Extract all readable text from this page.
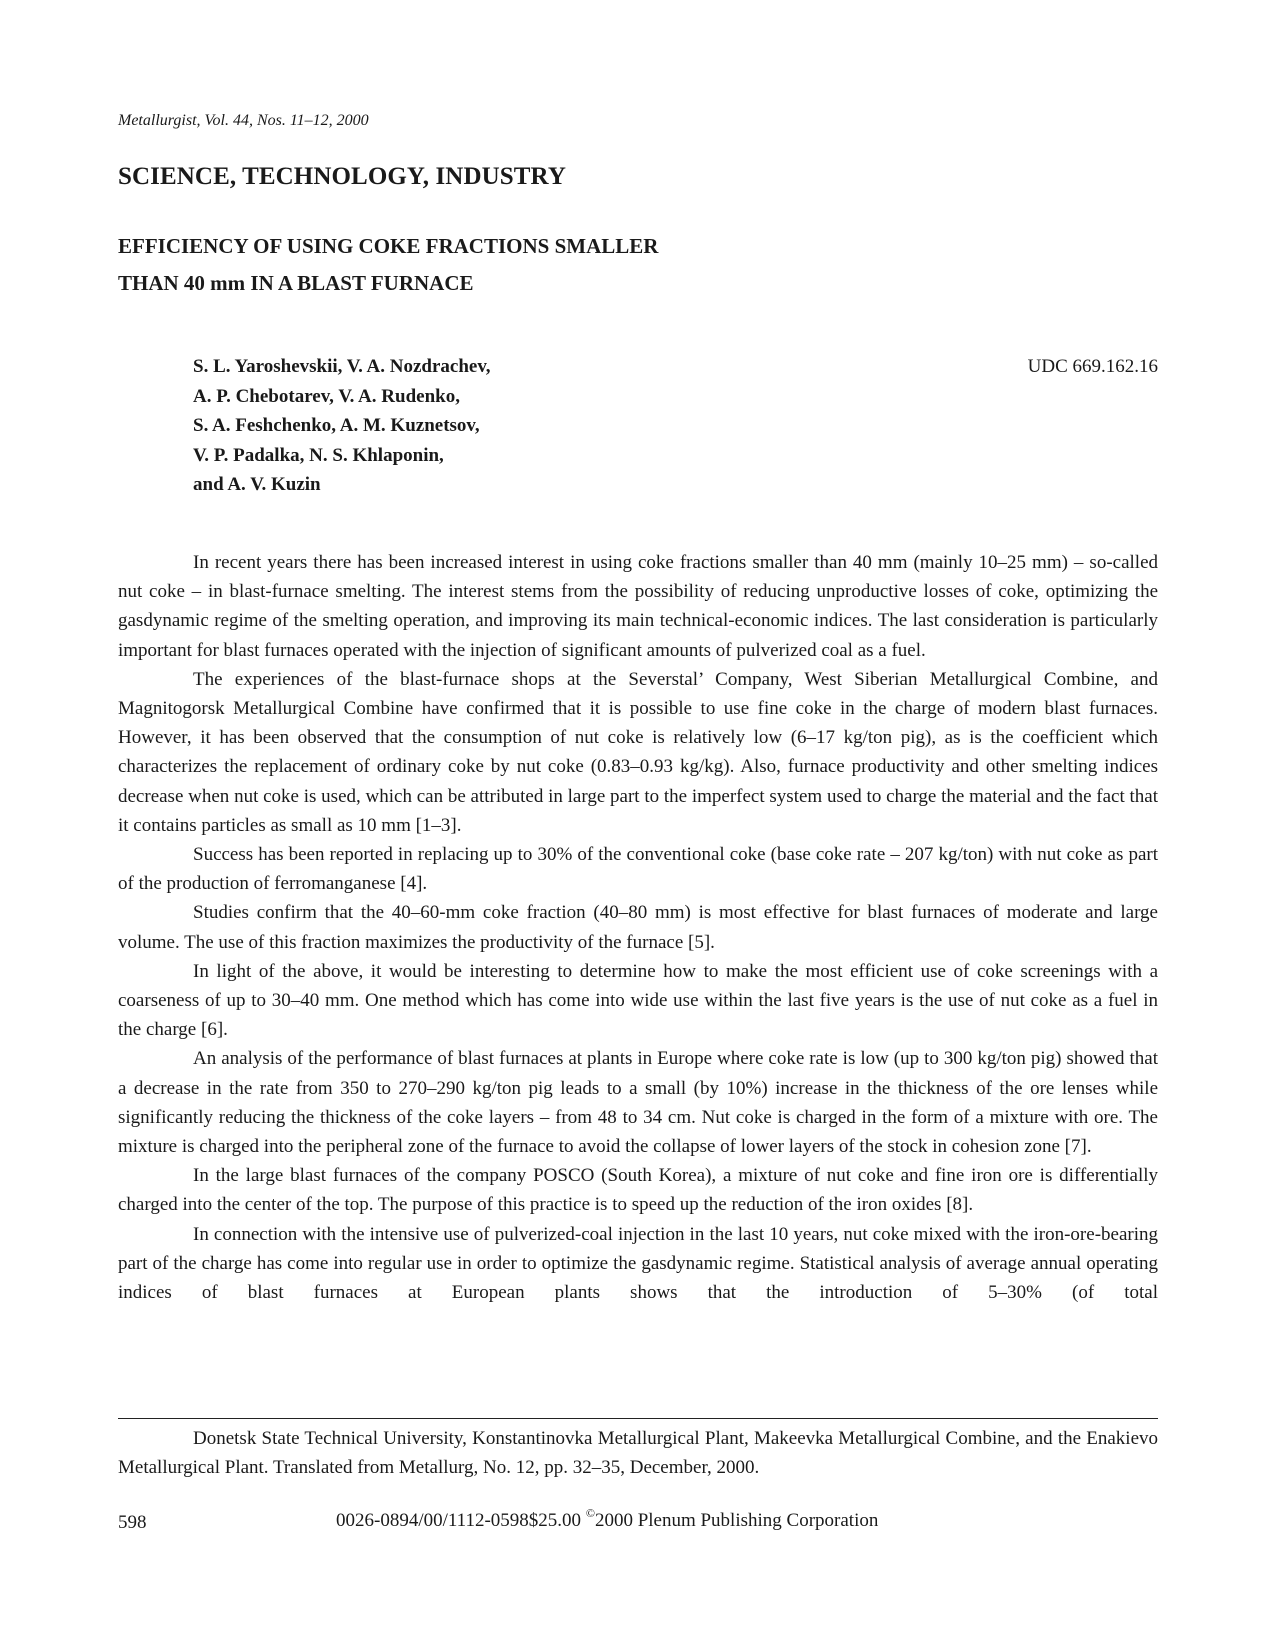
Metallurgist, Vol. 44, Nos. 11–12, 2000
SCIENCE, TECHNOLOGY, INDUSTRY
EFFICIENCY OF USING COKE FRACTIONS SMALLER
THAN 40 mm IN A BLAST FURNACE
S. L. Yaroshevskii, V. A. Nozdrachev,
A. P. Chebotarev, V. A. Rudenko,
S. A. Feshchenko, A. M. Kuznetsov,
V. P. Padalka, N. S. Khlaponin,
and A. V. Kuzin
UDC 669.162.16

In recent years there has been increased interest in using coke fractions smaller than 40 mm (mainly 10–25 mm) – so-called nut coke – in blast-furnace smelting. The interest stems from the possibility of reducing unproductive losses of coke, optimizing the gasdynamic regime of the smelting operation, and improving its main technical-economic indices. The last consideration is particularly important for blast furnaces operated with the injection of significant amounts of pulverized coal as a fuel.

The experiences of the blast-furnace shops at the Severstal’ Company, West Siberian Metallurgical Combine, and Magnitogorsk Metallurgical Combine have confirmed that it is possible to use fine coke in the charge of modern blast furnaces. However, it has been observed that the consumption of nut coke is relatively low (6–17 kg/ton pig), as is the coefficient which characterizes the replacement of ordinary coke by nut coke (0.83–0.93 kg/kg). Also, furnace productivity and other smelting indices decrease when nut coke is used, which can be attributed in large part to the imperfect system used to charge the material and the fact that it contains particles as small as 10 mm [1–3].

Success has been reported in replacing up to 30% of the conventional coke (base coke rate – 207 kg/ton) with nut coke as part of the production of ferromanganese [4].

Studies confirm that the 40–60-mm coke fraction (40–80 mm) is most effective for blast furnaces of moderate and large volume. The use of this fraction maximizes the productivity of the furnace [5].

In light of the above, it would be interesting to determine how to make the most efficient use of coke screenings with a coarseness of up to 30–40 mm. One method which has come into wide use within the last five years is the use of nut coke as a fuel in the charge [6].

An analysis of the performance of blast furnaces at plants in Europe where coke rate is low (up to 300 kg/ton pig) showed that a decrease in the rate from 350 to 270–290 kg/ton pig leads to a small (by 10%) increase in the thickness of the ore lenses while significantly reducing the thickness of the coke layers – from 48 to 34 cm. Nut coke is charged in the form of a mixture with ore. The mixture is charged into the peripheral zone of the furnace to avoid the collapse of lower layers of the stock in cohesion zone [7].

In the large blast furnaces of the company POSCO (South Korea), a mixture of nut coke and fine iron ore is differentially charged into the center of the top. The purpose of this practice is to speed up the reduction of the iron oxides [8].

In connection with the intensive use of pulverized-coal injection in the last 10 years, nut coke mixed with the iron-ore-bearing part of the charge has come into regular use in order to optimize the gasdynamic regime. Statistical analysis of average annual operating indices of blast furnaces at European plants shows that the introduction of 5–30% (of total

Donetsk State Technical University, Konstantinovka Metallurgical Plant, Makeevka Metallurgical Combine, and the Enakievo Metallurgical Plant. Translated from Metallurg, No. 12, pp. 32–35, December, 2000.

598	0026-0894/00/1112-0598$25.00 ©2000 Plenum Publishing Corporation
